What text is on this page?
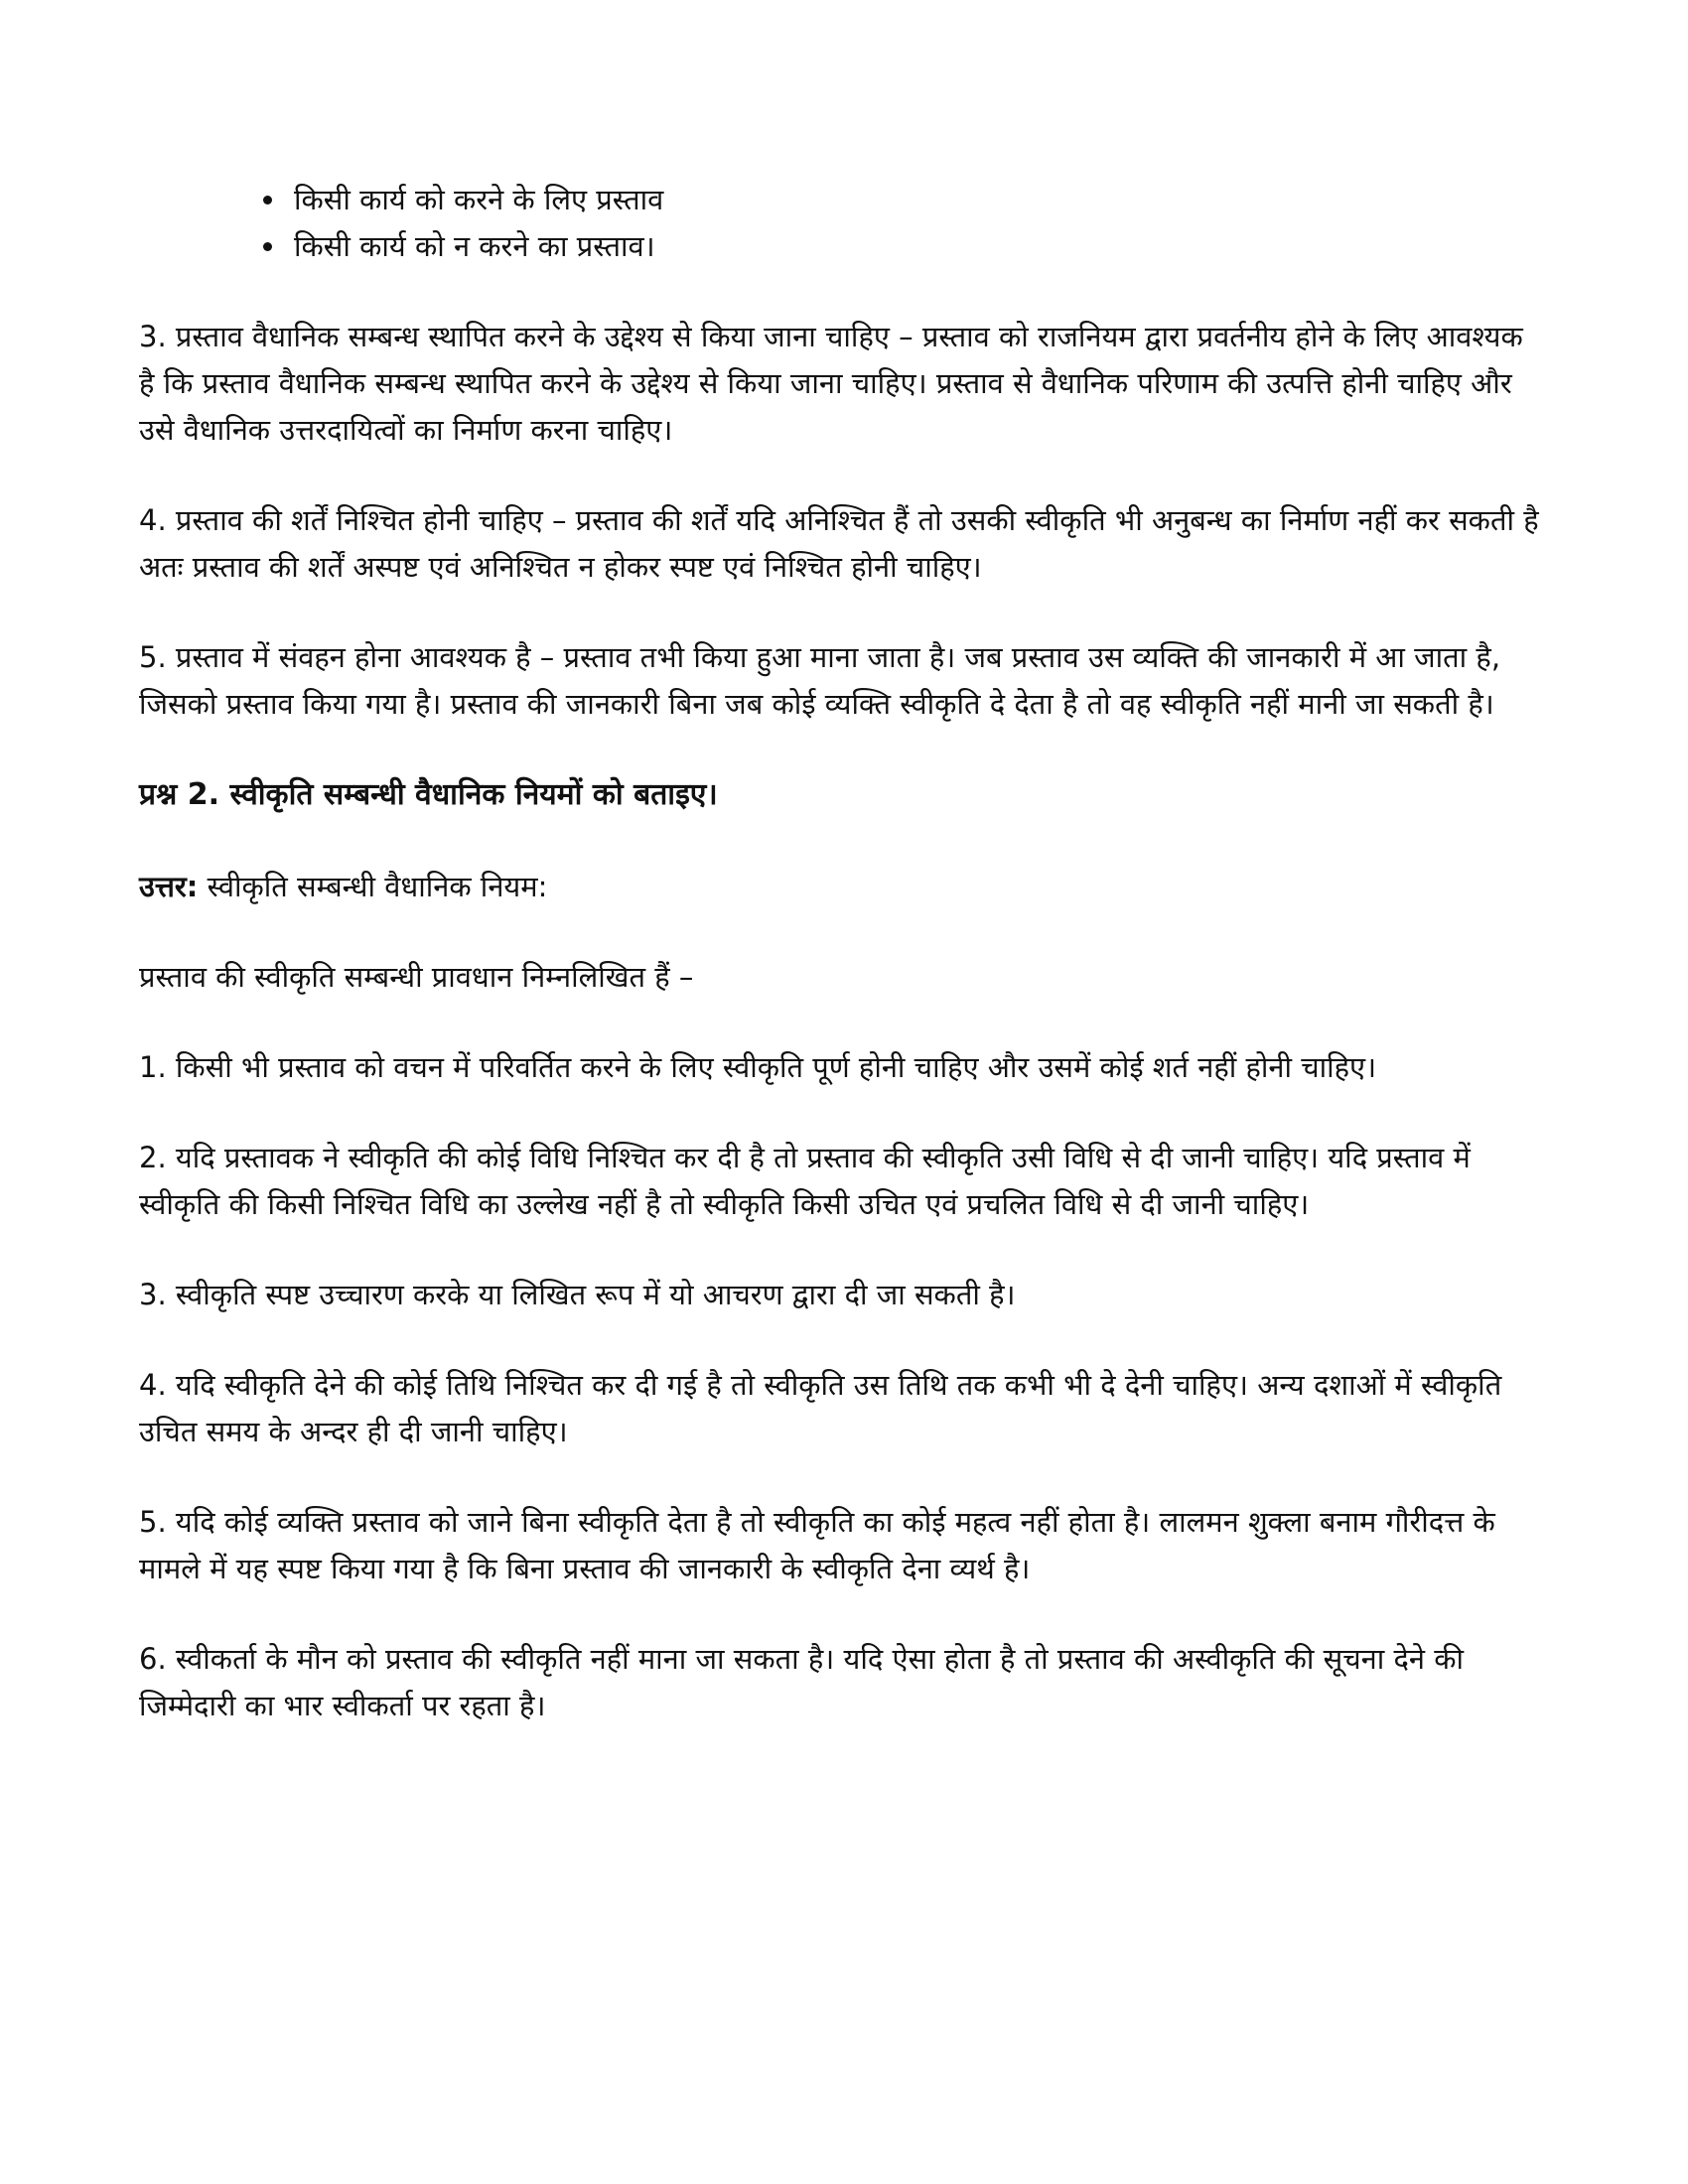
• किसी कार्य को करने के लिए प्रस्ताव
• किसी कार्य को न करने का प्रस्ताव।

3. प्रस्ताव वैधानिक सम्बन्ध स्थापित करने के उद्देश्य से किया जाना चाहिए – प्रस्ताव को राजनियम द्वारा प्रवर्तनीय होने के लिए आवश्यक है कि प्रस्ताव वैधानिक सम्बन्ध स्थापित करने के उद्देश्य से किया जाना चाहिए। प्रस्ताव से वैधानिक परिणाम की उत्पत्ति होनी चाहिए और उसे वैधानिक उत्तरदायित्वों का निर्माण करना चाहिए।

4. प्रस्ताव की शर्तें निश्चित होनी चाहिए – प्रस्ताव की शर्तें यदि अनिश्चित हैं तो उसकी स्वीकृति भी अनुबन्ध का निर्माण नहीं कर सकती है अतः प्रस्ताव की शर्तें अस्पष्ट एवं अनिश्चित न होकर स्पष्ट एवं निश्चित होनी चाहिए।

5. प्रस्ताव में संवहन होना आवश्यक है – प्रस्ताव तभी किया हुआ माना जाता है। जब प्रस्ताव उस व्यक्ति की जानकारी में आ जाता है, जिसको प्रस्ताव किया गया है। प्रस्ताव की जानकारी बिना जब कोई व्यक्ति स्वीकृति दे देता है तो वह स्वीकृति नहीं मानी जा सकती है।

प्रश्न 2. स्वीकृति सम्बन्धी वैधानिक नियमों को बताइए।

उत्तर: स्वीकृति सम्बन्धी वैधानिक नियम:

प्रस्ताव की स्वीकृति सम्बन्धी प्रावधान निम्नलिखित हैं –

1. किसी भी प्रस्ताव को वचन में परिवर्तित करने के लिए स्वीकृति पूर्ण होनी चाहिए और उसमें कोई शर्त नहीं होनी चाहिए।

2. यदि प्रस्तावक ने स्वीकृति की कोई विधि निश्चित कर दी है तो प्रस्ताव की स्वीकृति उसी विधि से दी जानी चाहिए। यदि प्रस्ताव में स्वीकृति की किसी निश्चित विधि का उल्लेख नहीं है तो स्वीकृति किसी उचित एवं प्रचलित विधि से दी जानी चाहिए।

3. स्वीकृति स्पष्ट उच्चारण करके या लिखित रूप में यो आचरण द्वारा दी जा सकती है।

4. यदि स्वीकृति देने की कोई तिथि निश्चित कर दी गई है तो स्वीकृति उस तिथि तक कभी भी दे देनी चाहिए। अन्य दशाओं में स्वीकृति उचित समय के अन्दर ही दी जानी चाहिए।

5. यदि कोई व्यक्ति प्रस्ताव को जाने बिना स्वीकृति देता है तो स्वीकृति का कोई महत्व नहीं होता है। लालमन शुक्ला बनाम गौरीदत्त के मामले में यह स्पष्ट किया गया है कि बिना प्रस्ताव की जानकारी के स्वीकृति देना व्यर्थ है।

6. स्वीकर्ता के मौन को प्रस्ताव की स्वीकृति नहीं माना जा सकता है। यदि ऐसा होता है तो प्रस्ताव की अस्वीकृति की सूचना देने की जिम्मेदारी का भार स्वीकर्ता पर रहता है।
